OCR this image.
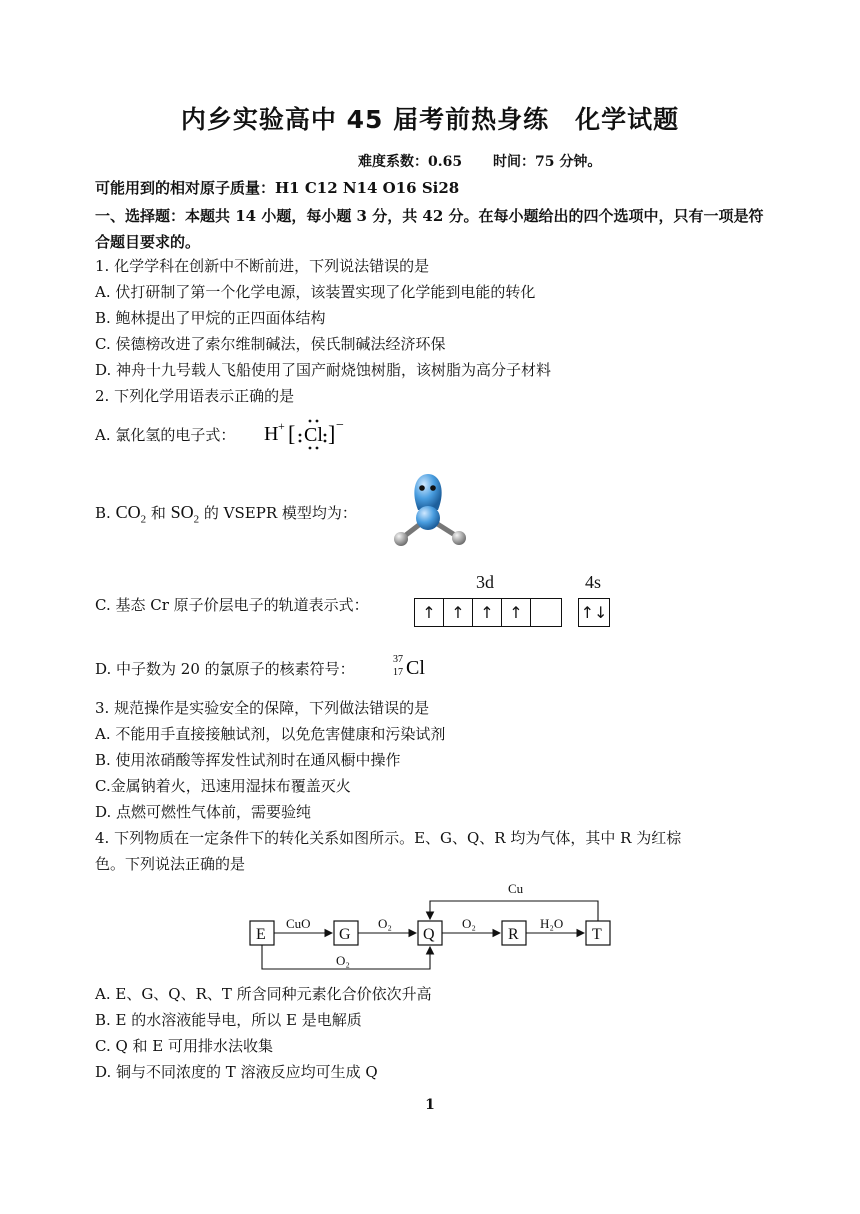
内乡实验高中 45 届考前热身练　化学试题
难度系数：0.65 时间：75 分钟。
可能用到的相对原子质量：H1 C12 N14 O16 Si28
一、选择题：本题共 14 小题，每小题 3 分，共 42 分。在每小题给出的四个选项中，只有一项是符合题目要求的。
1. 化学学科在创新中不断前进，下列说法错误的是
A. 伏打研制了第一个化学电源，该装置实现了化学能到电能的转化
B. 鲍林提出了甲烷的正四面体结构
C. 侯德榜改进了索尔维制碱法，侯氏制碱法经济环保
D. 神舟十九号载人飞船使用了国产耐烧蚀树脂，该树脂为高分子材料
2. 下列化学用语表示正确的是
A. 氯化氢的电子式： H + [ Cl ] −
B. $CO_2$ 和 $SO_2$ 的 VSEPR 模型均为：
C. 基态 Cr 原子价层电子的轨道表示式：
3d	4s
↑ ↑ ↑ ↑	↑↓
D. 中子数为 20 的氯原子的核素符号：
37
17 Cl
3. 规范操作是实验安全的保障，下列做法错误的是
A. 不能用手直接接触试剂，以免危害健康和污染试剂
B. 使用浓硝酸等挥发性试剂时在通风橱中操作
C.金属钠着火，迅速用湿抹布覆盖灭火
D. 点燃可燃性气体前，需要验纯
4. 下列物质在一定条件下的转化关系如图所示。E、G、Q、R 均为气体，其中 R 为红棕
色。下列说法正确的是
E	G	Q	R	T
CuO	O₂	O₂	H₂O
Cu
O₂
A. E、G、Q、R、T 所含同种元素化合价依次升高
B. E 的水溶液能导电，所以 E 是电解质
C. Q 和 E 可用排水法收集
D. 铜与不同浓度的 T 溶液反应均可生成 Q
1
